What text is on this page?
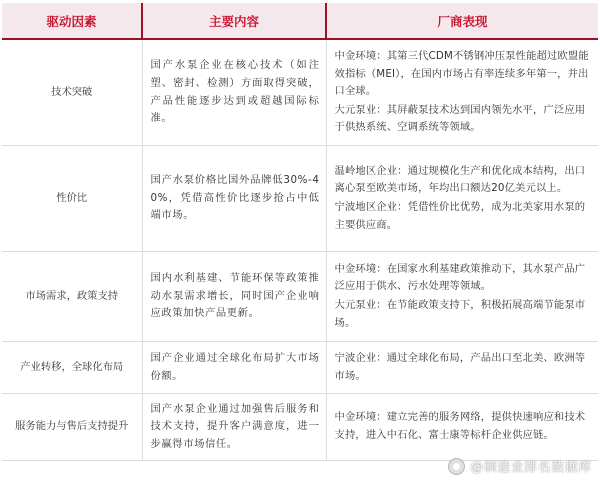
驱动因素	主要内容	厂商表现
技术突破	国产水泵企业在核心技术（如注塑、密封、检测）方面取得突破，产品性能逐步达到或超越国际标准。	中金环境：其第三代CDM不锈钢冲压泵性能超过欧盟能效指标（MEI），在国内市场占有率连续多年第一，并出口全球。
大元泵业：其屏蔽泵技术达到国内领先水平，广泛应用于供热系统、空调系统等领域。

性价比	国产水泵价格比国外品牌低30%-40%，凭借高性价比逐步抢占中低端市场。	温岭地区企业：通过规模化生产和优化成本结构，出口离心泵至欧美市场，年均出口额达20亿美元以上。
宁波地区企业：凭借性价比优势，成为北美家用水泵的主要供应商。

市场需求，政策支持	国内水利基建、节能环保等政策推动水泵需求增长，同时国产企业响应政策加快产品更新。	中金环境：在国家水利基建政策推动下，其水泵产品广泛应用于供水、污水处理等领域。
大元泵业：在节能政策支持下，积极拓展高端节能泵市场。

产业转移，全球化布局	国产企业通过全球化布局扩大市场份额。	宁波企业：通过全球化布局，产品出口至北美、欧洲等市场。

服务能力与售后支持提升	国产水泵企业通过加强售后服务和技术支持，提升客户满意度，进一步赢得市场信任。	中金环境：建立完善的服务网络，提供快速响应和技术支持，进入中石化、富士康等标杆企业供应链。
@制造业排名数据库
